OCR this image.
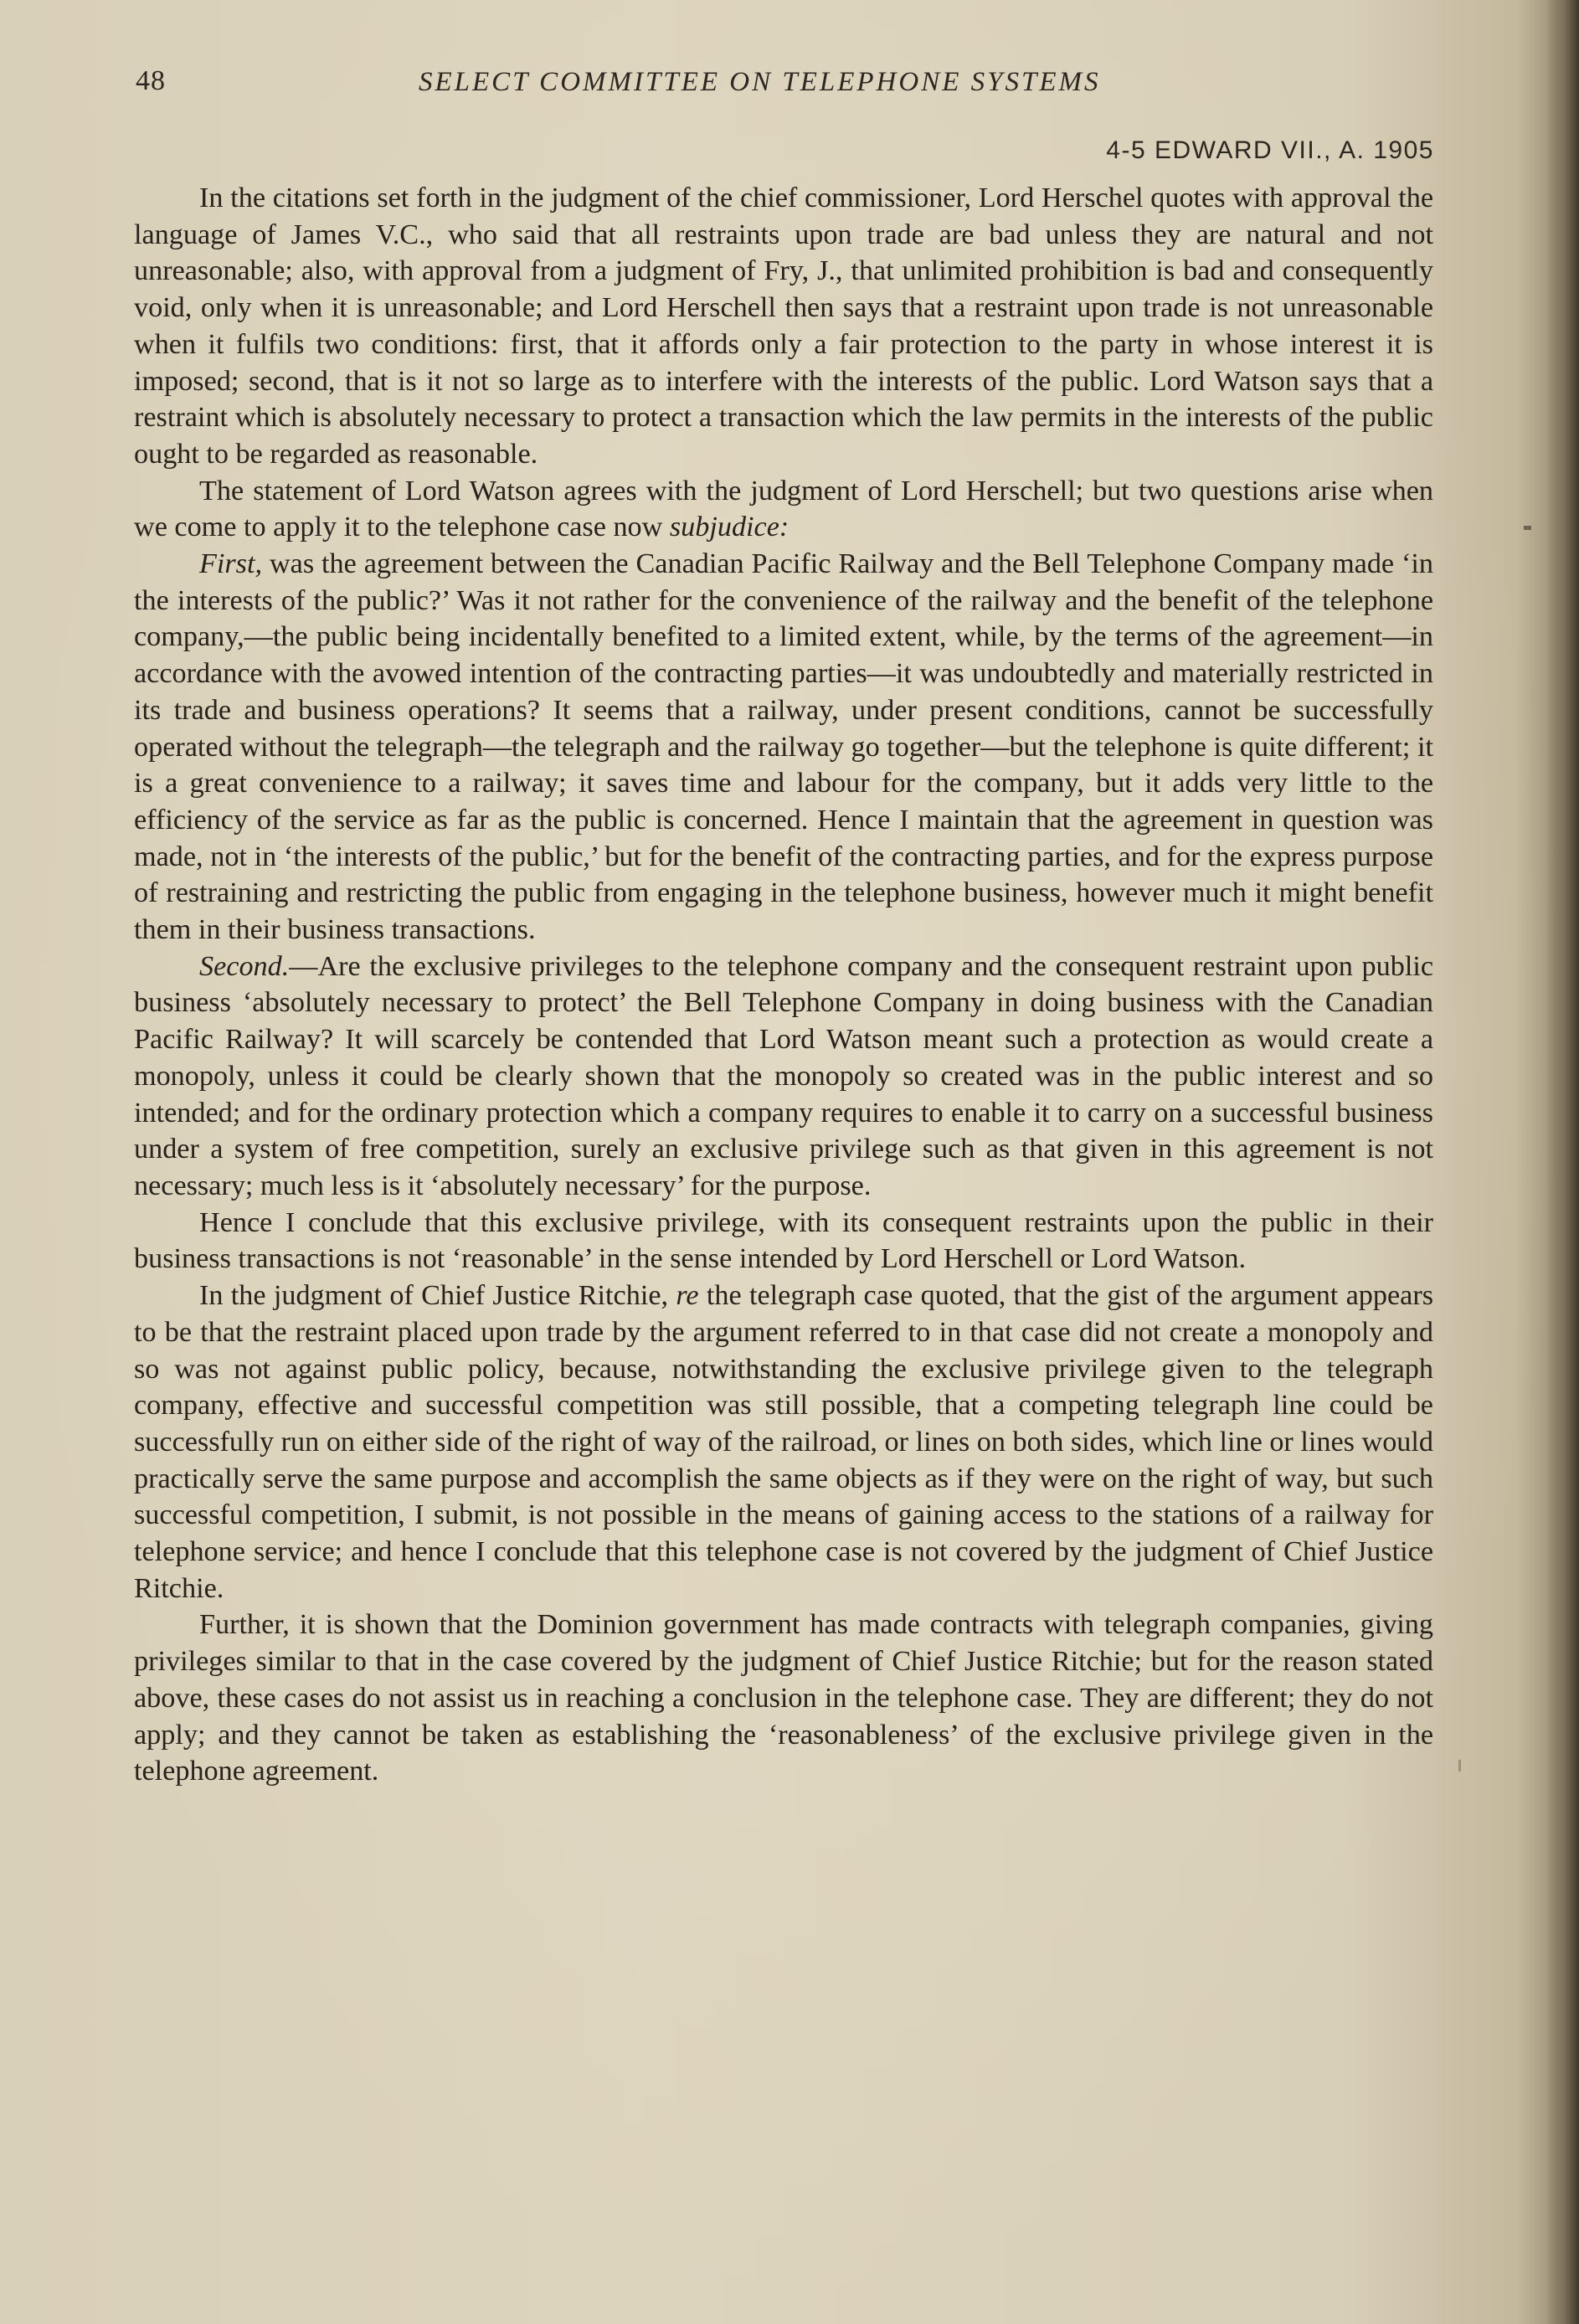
48	SELECT COMMITTEE ON TELEPHONE SYSTEMS
4-5 EDWARD VII., A. 1905

In the citations set forth in the judgment of the chief commissioner, Lord Herschel quotes with approval the language of James V.C., who said that all restraints upon trade are bad unless they are natural and not unreasonable; also, with approval from a judgment of Fry, J., that unlimited prohibition is bad and consequently void, only when it is unreasonable; and Lord Herschell then says that a restraint upon trade is not unreasonable when it fulfils two conditions: first, that it affords only a fair protection to the party in whose interest it is imposed; second, that is it not so large as to interfere with the interests of the public. Lord Watson says that a restraint which is absolutely necessary to protect a transaction which the law permits in the interests of the public ought to be regarded as reasonable.

The statement of Lord Watson agrees with the judgment of Lord Herschell; but two questions arise when we come to apply it to the telephone case now subjudice:

First, was the agreement between the Canadian Pacific Railway and the Bell Telephone Company made ‘in the interests of the public?’ Was it not rather for the convenience of the railway and the benefit of the telephone company,—the public being incidentally benefited to a limited extent, while, by the terms of the agreement—in accordance with the avowed intention of the contracting parties—it was undoubtedly and materially restricted in its trade and business operations? It seems that a railway, under present conditions, cannot be successfully operated without the telegraph—the telegraph and the railway go together—but the telephone is quite different; it is a great convenience to a railway; it saves time and labour for the company, but it adds very little to the efficiency of the service as far as the public is concerned. Hence I maintain that the agreement in question was made, not in ‘the interests of the public,’ but for the benefit of the contracting parties, and for the express purpose of restraining and restricting the public from engaging in the telephone business, however much it might benefit them in their business transactions.

Second.—Are the exclusive privileges to the telephone company and the consequent restraint upon public business ‘absolutely necessary to protect’ the Bell Telephone Company in doing business with the Canadian Pacific Railway? It will scarcely be contended that Lord Watson meant such a protection as would create a monopoly, unless it could be clearly shown that the monopoly so created was in the public interest and so intended; and for the ordinary protection which a company requires to enable it to carry on a successful business under a system of free competition, surely an exclusive privilege such as that given in this agreement is not necessary; much less is it ‘absolutely necessary’ for the purpose.

Hence I conclude that this exclusive privilege, with its consequent restraints upon the public in their business transactions is not ‘reasonable’ in the sense intended by Lord Herschell or Lord Watson.

In the judgment of Chief Justice Ritchie, re the telegraph case quoted, that the gist of the argument appears to be that the restraint placed upon trade by the argument referred to in that case did not create a monopoly and so was not against public policy, because, notwithstanding the exclusive privilege given to the telegraph company, effective and successful competition was still possible, that a competing telegraph line could be successfully run on either side of the right of way of the railroad, or lines on both sides, which line or lines would practically serve the same purpose and accomplish the same objects as if they were on the right of way, but such successful competition, I submit, is not possible in the means of gaining access to the stations of a railway for telephone service; and hence I conclude that this telephone case is not covered by the judgment of Chief Justice Ritchie.

Further, it is shown that the Dominion government has made contracts with telegraph companies, giving privileges similar to that in the case covered by the judgment of Chief Justice Ritchie; but for the reason stated above, these cases do not assist us in reaching a conclusion in the telephone case. They are different; they do not apply; and they cannot be taken as establishing the ‘reasonableness’ of the exclusive privilege given in the telephone agreement.
